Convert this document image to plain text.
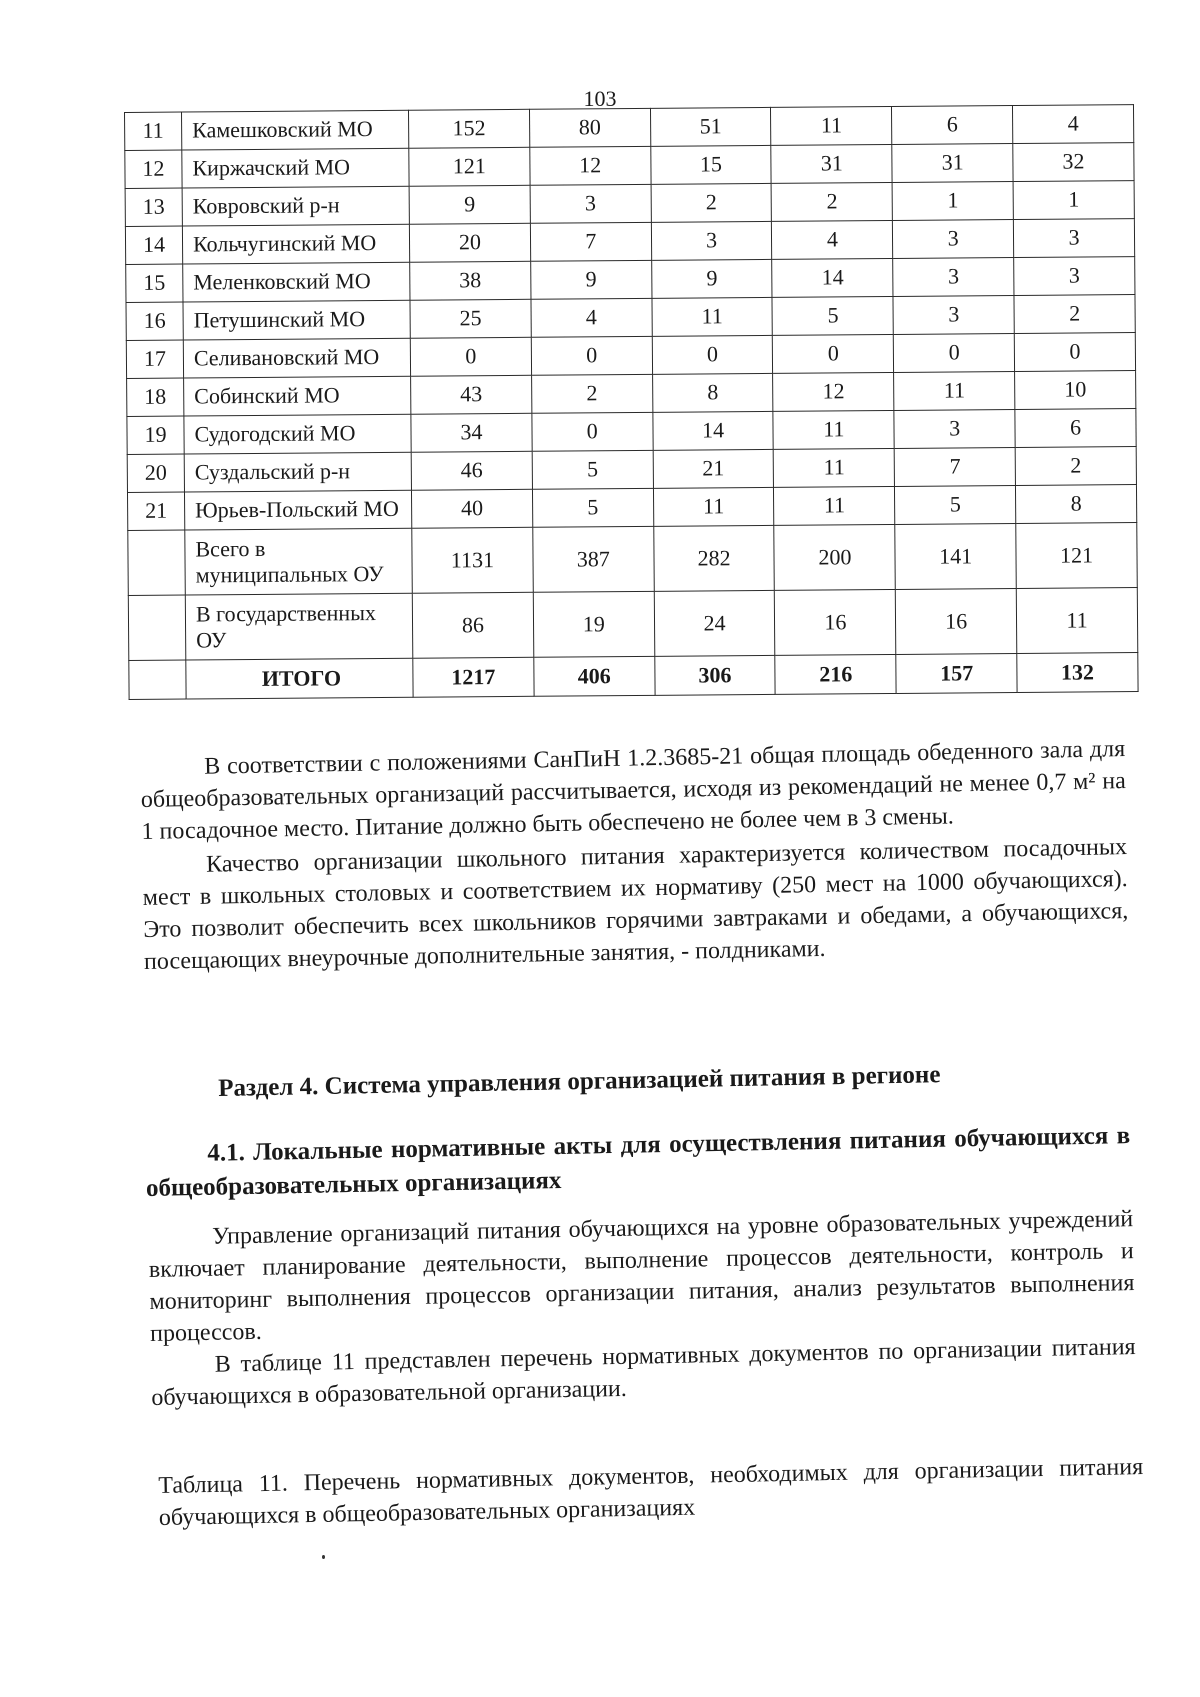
103
11	Камешковский МО	152	80	51	11	6	4
12	Киржачский МО	121	12	15	31	31	32
13	Ковровский р-н	9	3	2	2	1	1
14	Кольчугинский МО	20	7	3	4	3	3
15	Меленковский МО	38	9	9	14	3	3
16	Петушинский МО	25	4	11	5	3	2
17	Селивановский МО	0	0	0	0	0	0
18	Собинский МО	43	2	8	12	11	10
19	Судогодский МО	34	0	14	11	3	6
20	Суздальский р-н	46	5	21	11	7	2
21	Юрьев-Польский МО	40	5	11	11	5	8
	Всего в муниципальных ОУ	1131	387	282	200	141	121
	В государственных ОУ	86	19	24	16	16	11
	ИТОГО	1217	406	306	216	157	132

В соответствии с положениями СанПиН 1.2.3685-21 общая площадь обеденного зала для общеобразовательных организаций рассчитывается, исходя из рекомендаций не менее 0,7 м² на 1 посадочное место. Питание должно быть обеспечено не более чем в 3 смены.

Качество организации школьного питания характеризуется количеством посадочных мест в школьных столовых и соответствием их нормативу (250 мест на 1000 обучающихся). Это позволит обеспечить всех школьников горячими завтраками и обедами, а обучающихся, посещающих внеурочные дополнительные занятия, - полдниками.

Раздел 4. Система управления организацией питания в регионе

4.1. Локальные нормативные акты для осуществления питания обучающихся в общеобразовательных организациях

Управление организаций питания обучающихся на уровне образовательных учреждений включает планирование деятельности, выполнение процессов деятельности, контроль и мониторинг выполнения процессов организации питания, анализ результатов выполнения процессов.

В таблице 11 представлен перечень нормативных документов по организации питания обучающихся в образовательной организации.

Таблица 11. Перечень нормативных документов, необходимых для организации питания обучающихся в общеобразовательных организациях
